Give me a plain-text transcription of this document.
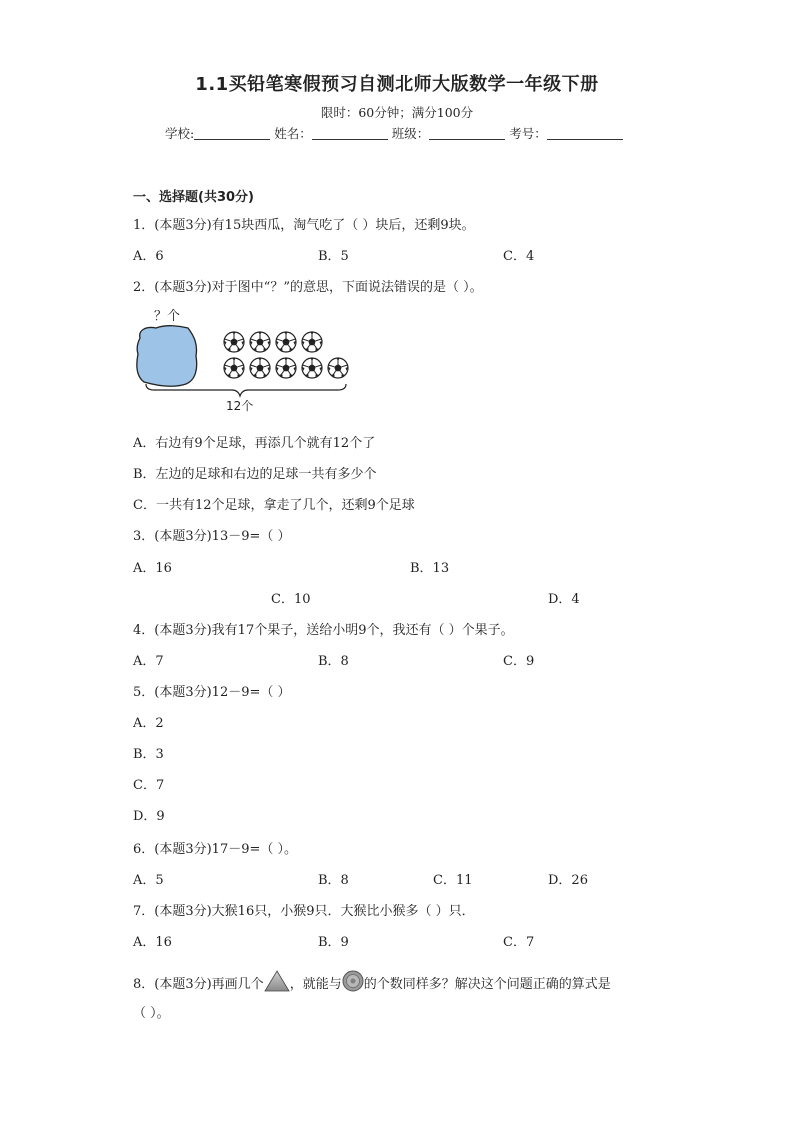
1.1买铅笔寒假预习自测北师大版数学一年级下册
限时：60分钟；满分100分
学校:	姓名：	班级：	考号：
一、选择题(共30分)
1．(本题3分)有15块西瓜，淘气吃了（ ）块后，还剩9块。
A．6	B．5	C．4
2．(本题3分)对于图中“？”的意思，下面说法错误的是（ ）。
？个
12个
A．右边有9个足球，再添几个就有12个了
B．左边的足球和右边的足球一共有多少个
C．一共有12个足球，拿走了几个，还剩9个足球
3．(本题3分)13－9=（ ）
A．16	B．13
C．10	D．4
4．(本题3分)我有17个果子，送给小明9个，我还有（ ）个果子。
A．7	B．8	C．9
5．(本题3分)12－9=（ ）
A．2
B．3
C．7
D．9
6．(本题3分)17－9=（ ）。
A．5	B．8	C．11	D．26
7．(本题3分)大猴16只，小猴9只．大猴比小猴多（ ）只．
A．16	B．9	C．7
8．(本题3分)再画几个 ，就能与 的个数同样多？解决这个问题正确的算式是
（ ）。
